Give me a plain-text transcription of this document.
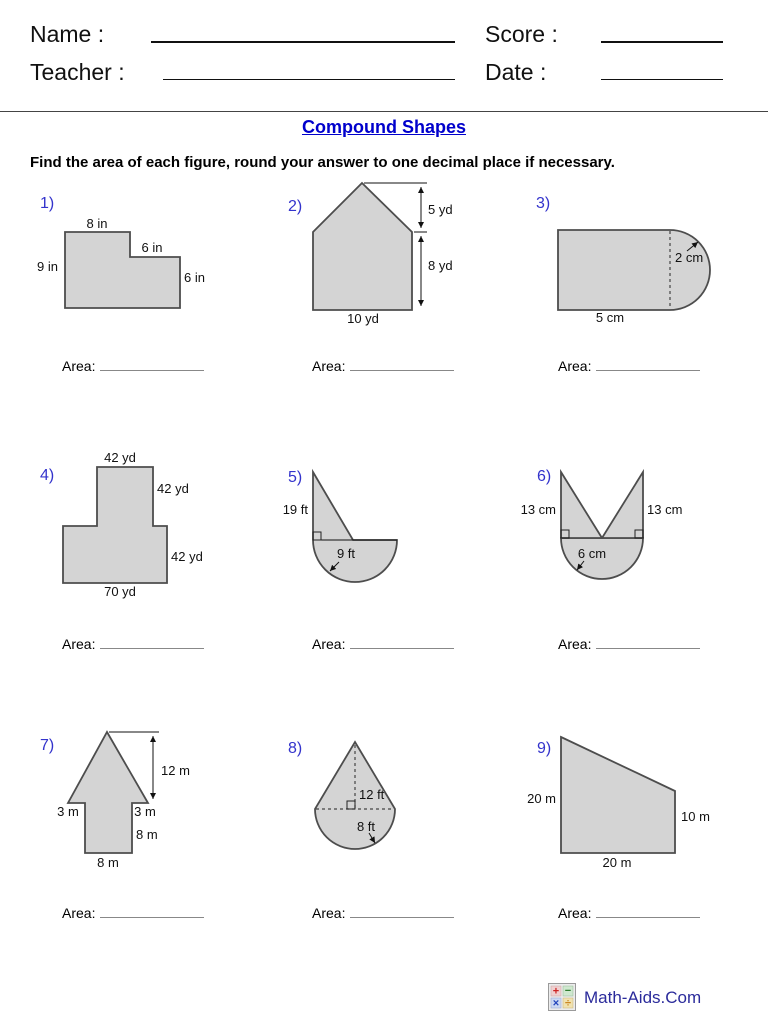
Name :	Score :
Teacher :	Date :
Compound Shapes
Find the area of each figure, round your answer to one decimal place if necessary.
1)
8 in
6 in
9 in
6 in
2)	5 yd
8 yd
10 yd
3)
2 cm
5 cm
4)
42 yd
42 yd
42 yd
70 yd
5)
19 ft
9 ft
6)
13 cm	13 cm
6 cm
7)
12 m
3 m	3 m
8 m
8 m
8)
12 ft
8 ft
9)
20 m
10 m
20 m
Area:	Area:	Area:
Area:	Area:	Area:
Area:	Area:	Area:
+ −
× ÷ Math-Aids.Com
